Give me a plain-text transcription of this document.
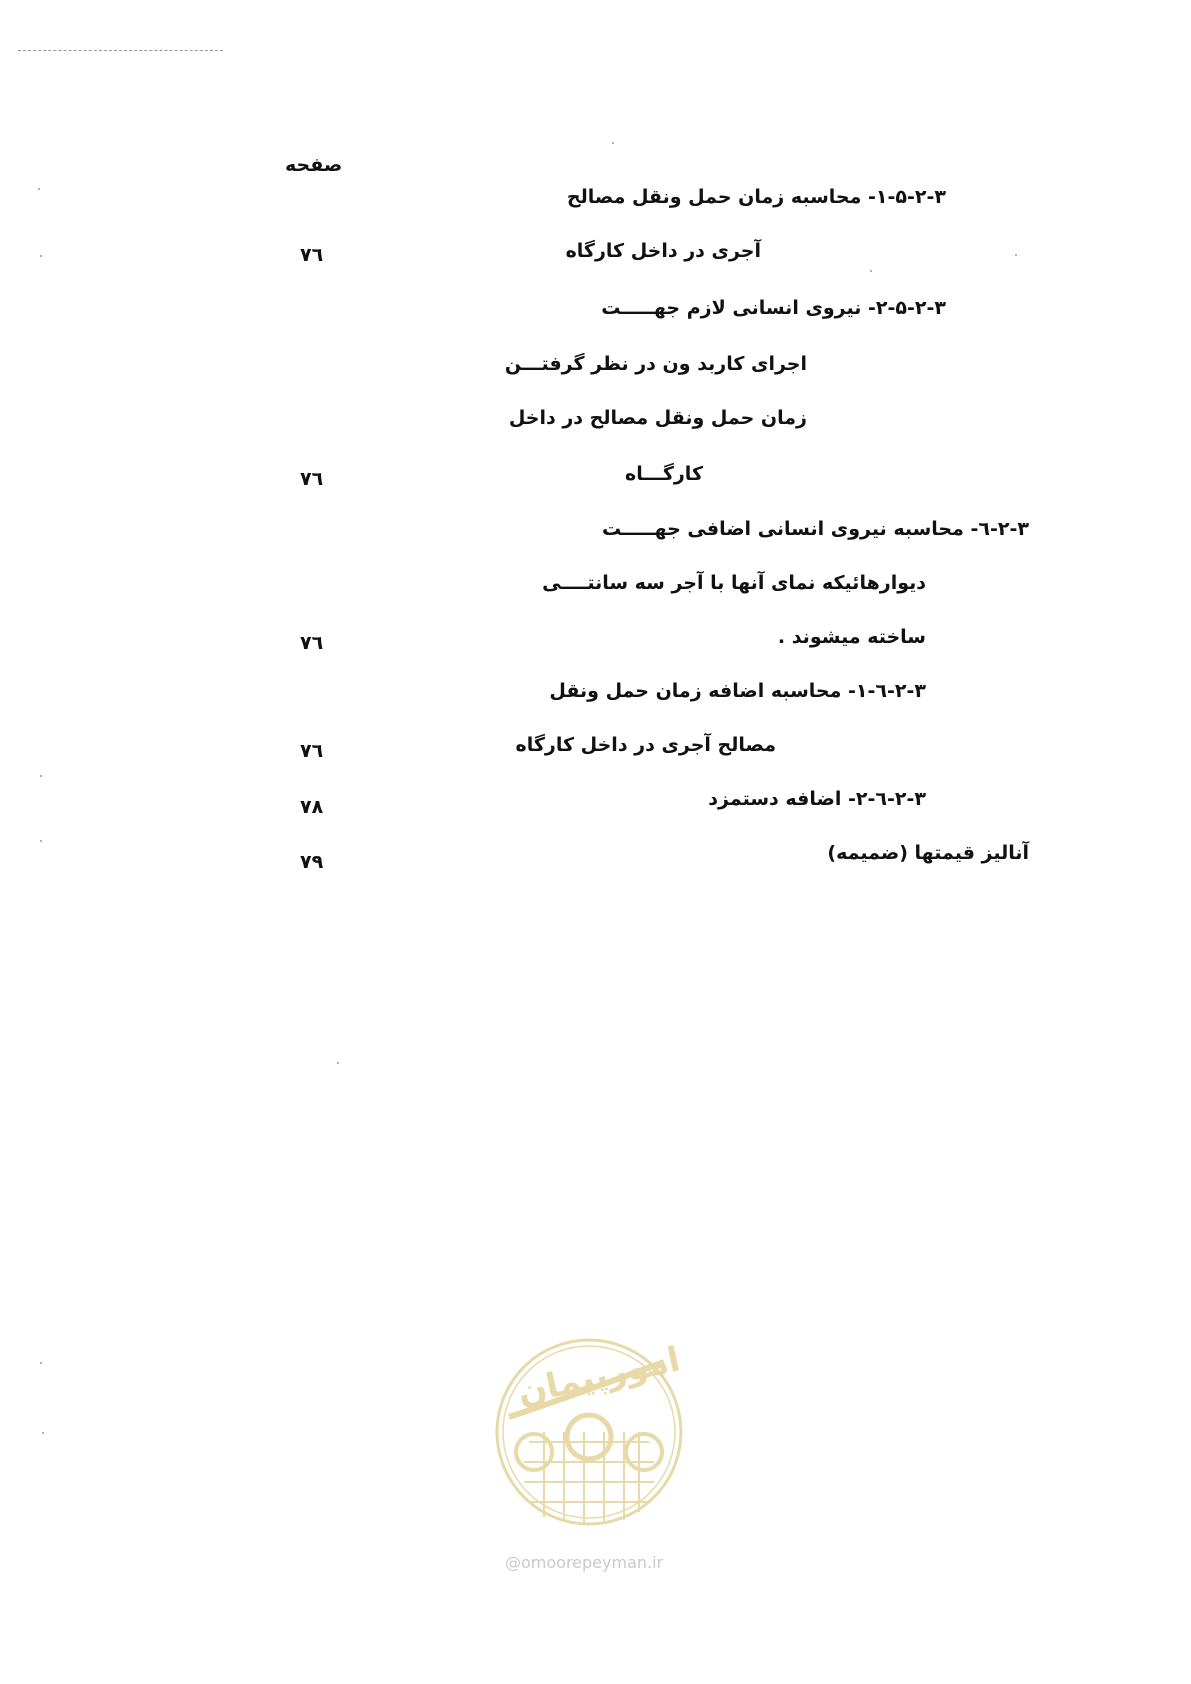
صفحه
۳‐۲‐۵‐۱‐ محاسبه زمان حمل ونقل مصالح
آجری در داخل کارگاه
۷٦
۳‐۲‐۵‐۲‐ نیروی انسانی لازم جهـــــت
اجرای کاربد ون در نظر گرفتـــن
زمان حمل ونقل مصالح در داخل
کارگـــاه
۷٦
۳‐۲‐٦‐ محاسبه نیروی انسانی اضافی جهـــــت
دیوارهائیکه نمای آنها با آجر سه سانتــــی
ساخته میشوند .
۷٦
۳‐۲‐٦‐۱‐ محاسبه اضافه زمان حمل ونقل
مصالح آجری در داخل کارگاه
۷٦
۳‐۲‐٦‐۲‐ اضافه دستمزد
۷۸
آنالیز قیمتها (ضمیمه)
۷۹
امورپیمان
@omoorepeyman.ir
